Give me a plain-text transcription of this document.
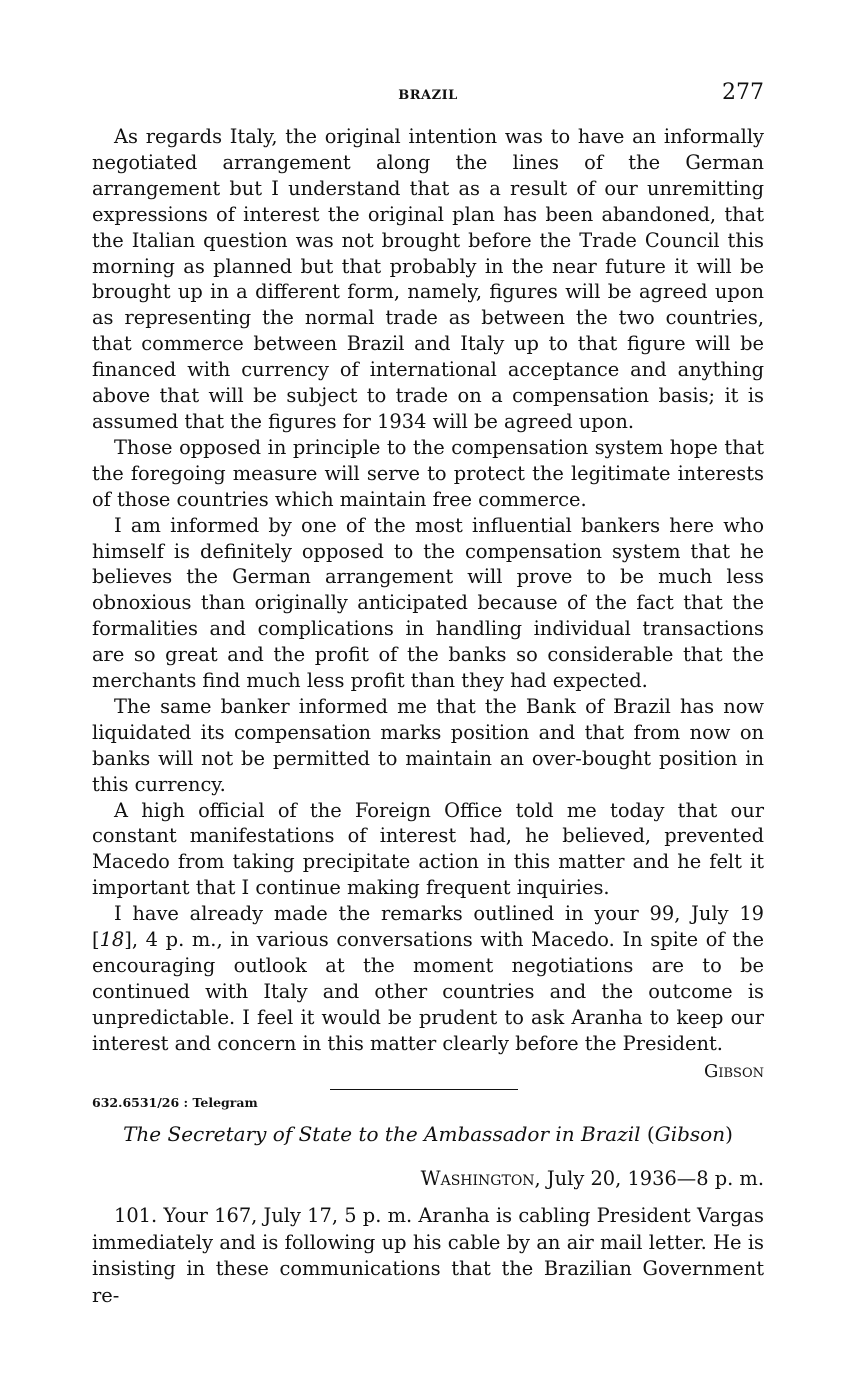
BRAZIL	277

As regards Italy, the original intention was to have an informally negotiated arrangement along the lines of the German arrangement but I understand that as a result of our unremitting expressions of interest the original plan has been abandoned, that the Italian question was not brought before the Trade Council this morning as planned but that probably in the near future it will be brought up in a different form, namely, figures will be agreed upon as representing the normal trade as between the two countries, that commerce between Brazil and Italy up to that figure will be financed with currency of international acceptance and anything above that will be subject to trade on a compensation basis; it is assumed that the figures for 1934 will be agreed upon.

Those opposed in principle to the compensation system hope that the foregoing measure will serve to protect the legitimate interests of those countries which maintain free commerce.

I am informed by one of the most influential bankers here who himself is definitely opposed to the compensation system that he believes the German arrangement will prove to be much less obnoxious than originally anticipated because of the fact that the formalities and complications in handling individual transactions are so great and the profit of the banks so considerable that the merchants find much less profit than they had expected.

The same banker informed me that the Bank of Brazil has now liquidated its compensation marks position and that from now on banks will not be permitted to maintain an over-bought position in this currency.

A high official of the Foreign Office told me today that our constant manifestations of interest had, he believed, prevented Macedo from taking precipitate action in this matter and he felt it important that I continue making frequent inquiries.

I have already made the remarks outlined in your 99, July 19 [18], 4 p. m., in various conversations with Macedo. In spite of the encouraging outlook at the moment negotiations are to be continued with Italy and other countries and the outcome is unpredictable. I feel it would be prudent to ask Aranha to keep our interest and concern in this matter clearly before the President.

Gibson

632.6531/26 : Telegram
The Secretary of State to the Ambassador in Brazil (Gibson)
Washington, July 20, 1936—8 p. m.

101. Your 167, July 17, 5 p. m. Aranha is cabling President Vargas immediately and is following up his cable by an air mail letter. He is insisting in these communications that the Brazilian Government re-
